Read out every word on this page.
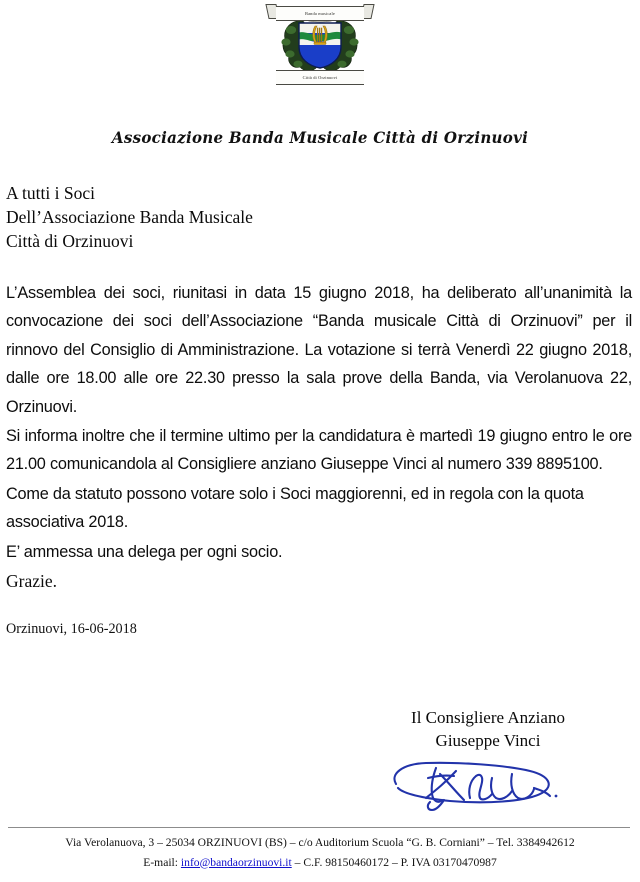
Banda musicale
Città di Orzinuovi
Associazione Banda Musicale Città di Orzinuovi
A tutti i Soci
Dell’Associazione Banda Musicale
Città di Orzinuovi

L’Assemblea dei soci, riunitasi in data 15 giugno 2018, ha deliberato all’unanimità la convocazione dei soci dell’Associazione “Banda musicale Città di Orzinuovi” per il rinnovo del Consiglio di Amministrazione. La votazione si terrà Venerdì 22 giugno 2018, dalle ore 18.00 alle ore 22.30 presso la sala prove della Banda, via Verolanuova 22, Orzinuovi.

Si informa inoltre che il termine ultimo per la candidatura è martedì 19 giugno entro le ore 21.00 comunicandola al Consigliere anziano Giuseppe Vinci al numero 339 8895100.

Come da statuto possono votare solo i Soci maggiorenni, ed in regola con la quota associativa 2018.

E’ ammessa una delega per ogni socio.

Grazie.

Orzinuovi, 16-06-2018
Il Consigliere Anziano
Giuseppe Vinci
Via Verolanuova, 3 – 25034 ORZINUOVI (BS) – c/o Auditorium Scuola “G. B. Corniani” – Tel. 3384942612
E-mail: info@bandaorzinuovi.it – C.F. 98150460172 – P. IVA 03170470987
